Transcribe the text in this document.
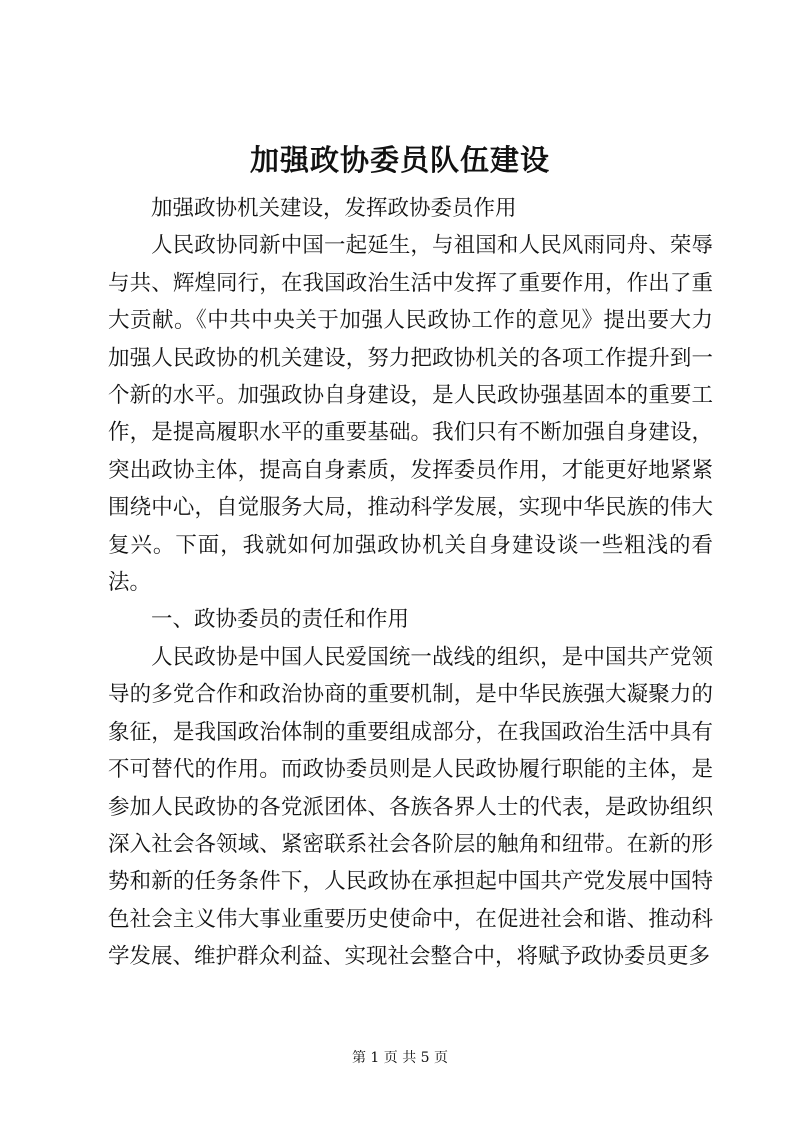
加强政协委员队伍建设

加强政协机关建设，发挥政协委员作用

人民政协同新中国一起延生，与祖国和人民风雨同舟、荣辱与共、辉煌同行，在我国政治生活中发挥了重要作用，作出了重大贡献。《中共中央关于加强人民政协工作的意见》提出要大力加强人民政协的机关建设，努力把政协机关的各项工作提升到一个新的水平。加强政协自身建设，是人民政协强基固本的重要工作，是提高履职水平的重要基础。我们只有不断加强自身建设，突出政协主体，提高自身素质，发挥委员作用，才能更好地紧紧围绕中心，自觉服务大局，推动科学发展，实现中华民族的伟大复兴。下面，我就如何加强政协机关自身建设谈一些粗浅的看法。

一、政协委员的责任和作用

人民政协是中国人民爱国统一战线的组织，是中国共产党领导的多党合作和政治协商的重要机制，是中华民族强大凝聚力的象征，是我国政治体制的重要组成部分，在我国政治生活中具有不可替代的作用。而政协委员则是人民政协履行职能的主体，是参加人民政协的各党派团体、各族各界人士的代表，是政协组织深入社会各领域、紧密联系社会各阶层的触角和纽带。在新的形势和新的任务条件下，人民政协在承担起中国共产党发展中国特色社会主义伟大事业重要历史使命中，在促进社会和谐、推动科学发展、维护群众利益、实现社会整合中，将赋予政协委员更多

第 1 页 共 5 页
